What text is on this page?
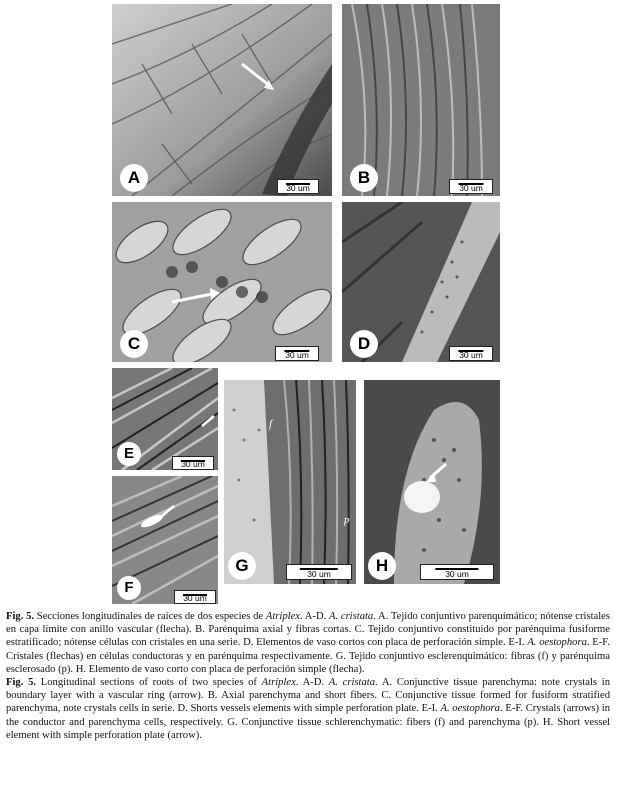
A
30 um
B
30 um
C
30 um
D
30 um
E
30 um
F
30 um
f
p
G	30 um	H	30 um

Fig. 5. Secciones longitudinales de raíces de dos especies de Atriplex. A-D. A. cristata. A. Tejido conjuntivo parenquimático; nótense cristales en capa límite con anillo vascular (flecha). B. Parénquima axial y fibras cortas. C. Tejido conjuntivo constituido por parénquima fusiforme estratificado; nótense células con cristales en una serie. D. Elementos de vaso cortos con placa de perforación simple. E-I. A. oestophora. E-F. Cristales (flechas) en células conductoras y en parénquima respectivamente. G. Tejido conjuntivo esclerenquimático: fibras (f) y parénquima esclerosado (p). H. Elemento de vaso corto con placa de perforación simple (flecha).

Fig. 5. Longitudinal sections of roots of two species of Atriplex. A-D. A. cristata. A. Conjunctive tissue parenchyma: note crystals in boundary layer with a vascular ring (arrow). B. Axial parenchyma and short fibers. C. Conjunctive tissue formed for fusiform stratified parenchyma, note crystals cells in serie. D. Shorts vessels elements with simple perforation plate. E-I. A. oestophora. E-F. Crystals (arrows) in the conductor and parenchyma cells, respectively. G. Conjunctive tissue schlerenchymatic: fibers (f) and parenchyma (p). H. Short vessel element with simple perforation plate (arrow).
